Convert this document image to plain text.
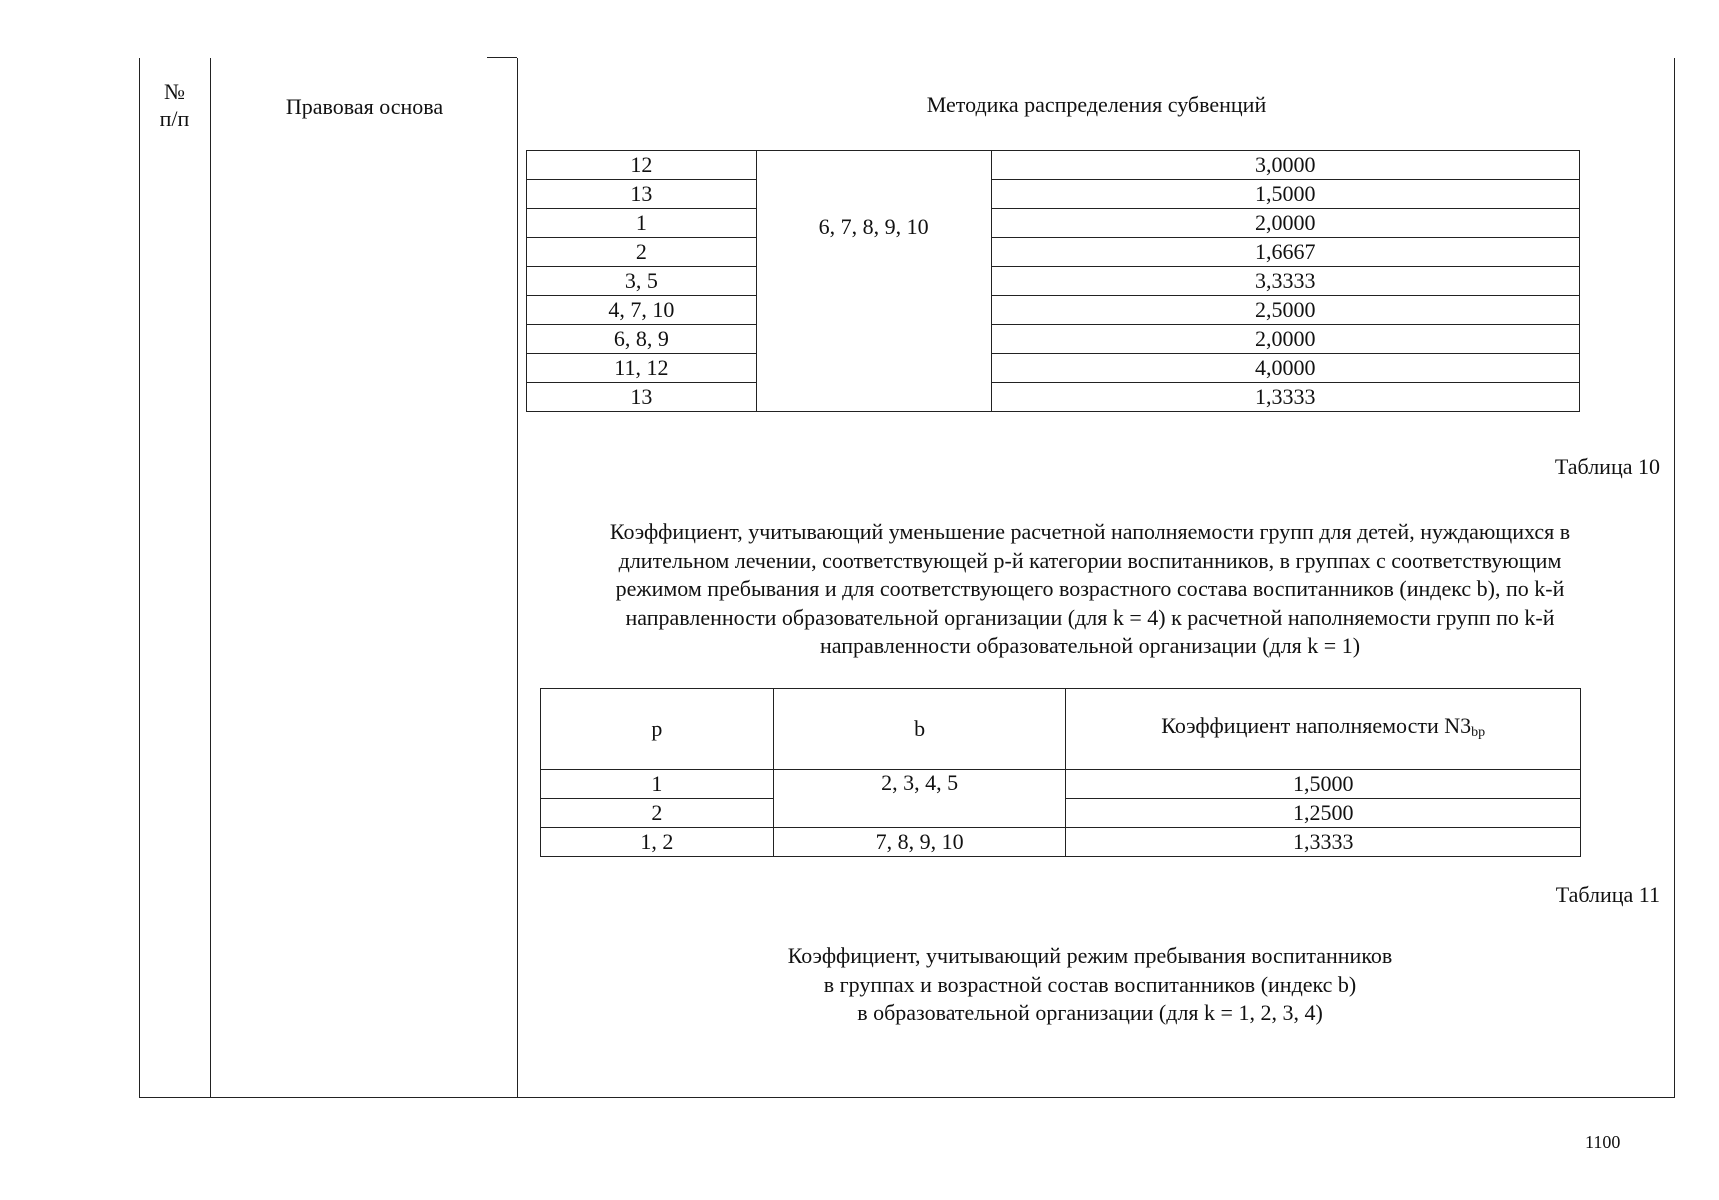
№
п/п	Правовая основа	Методика распределения субвенций
12	6, 7, 8, 9, 10	3,0000
13		1,5000
1		2,0000
2		1,6667
3, 5		3,3333
4, 7, 10		2,5000
6, 8, 9		2,0000
11, 12		4,0000
13		1,3333
Таблица 10
Коэффициент, учитывающий уменьшение расчетной наполняемости групп для детей, нуждающихся в
длительном лечении, соответствующей p-й категории воспитанников, в группах с соответствующим
режимом пребывания и для соответствующего возрастного состава воспитанников (индекс b), по k-й
направленности образовательной организации (для k = 4) к расчетной наполняемости групп по k-й
направленности образовательной организации (для k = 1)
p	b	Коэффициент наполняемости $N3_{bp}$
1	2, 3, 4, 5	1,5000
2		1,2500
1, 2	7, 8, 9, 10	1,3333
Таблица 11
Коэффициент, учитывающий режим пребывания воспитанников
в группах и возрастной состав воспитанников (индекс b)
в образовательной организации (для k = 1, 2, 3, 4)
1100
